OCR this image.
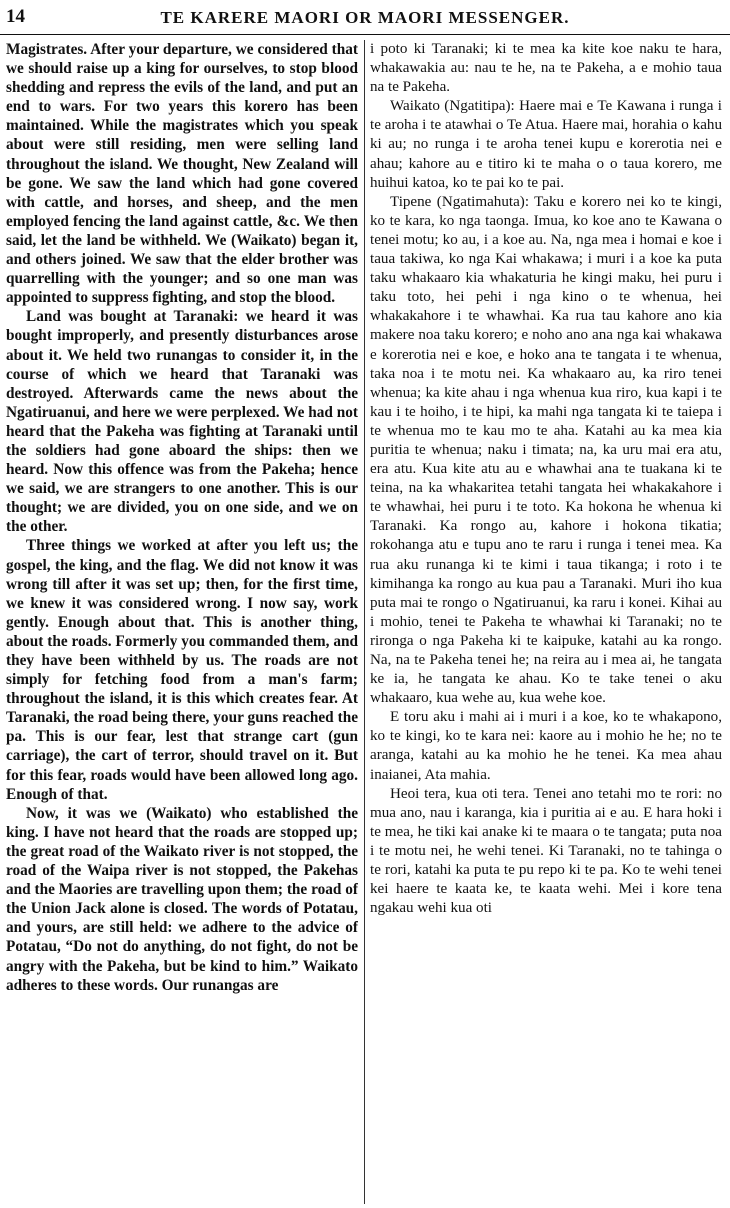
14	TE KARERE MAORI OR MAORI MESSENGER.

Magistrates. After your departure, we considered that we should raise up a king for ourselves, to stop blood shedding and repress the evils of the land, and put an end to wars. For two years this korero has been maintained. While the magistrates which you speak about were still residing, men were selling land throughout the island. We thought, New Zealand will be gone. We saw the land which had gone covered with cattle, and horses, and sheep, and the men employed fencing the land against cattle, &c. We then said, let the land be withheld. We (Waikato) began it, and others joined. We saw that the elder brother was quarrelling with the younger; and so one man was appointed to suppress fighting, and stop the blood.

Land was bought at Taranaki: we heard it was bought improperly, and presently disturbances arose about it. We held two runangas to consider it, in the course of which we heard that Taranaki was destroyed. Afterwards came the news about the Ngatiruanui, and here we were perplexed. We had not heard that the Pakeha was fighting at Taranaki until the soldiers had gone aboard the ships: then we heard. Now this offence was from the Pakeha; hence we said, we are strangers to one another. This is our thought; we are divided, you on one side, and we on the other.

Three things we worked at after you left us; the gospel, the king, and the flag. We did not know it was wrong till after it was set up; then, for the first time, we knew it was considered wrong. I now say, work gently. Enough about that. This is another thing, about the roads. Formerly you commanded them, and they have been withheld by us. The roads are not simply for fetching food from a man's farm; throughout the island, it is this which creates fear. At Taranaki, the road being there, your guns reached the pa. This is our fear, lest that strange cart (gun carriage), the cart of terror, should travel on it. But for this fear, roads would have been allowed long ago. Enough of that.

Now, it was we (Waikato) who established the king. I have not heard that the roads are stopped up; the great road of the Waikato river is not stopped, the road of the Waipa river is not stopped, the Pakehas and the Maories are travelling upon them; the road of the Union Jack alone is closed. The words of Potatau, and yours, are still held: we adhere to the advice of Potatau, “Do not do anything, do not fight, do not be angry with the Pakeha, but be kind to him.” Waikato adheres to these words. Our runangas are

i poto ki Taranaki; ki te mea ka kite koe naku te hara, whakawakia au: nau te he, na te Pakeha, a e mohio taua na te Pakeha.

Waikato (Ngatitipa): Haere mai e Te Kawana i runga i te aroha i te atawhai o Te Atua. Haere mai, horahia o kahu ki au; no runga i te aroha tenei kupu e korerotia nei e ahau; kahore au e titiro ki te maha o o taua korero, me huihui katoa, ko te pai ko te pai.

Tipene (Ngatimahuta): Taku e korero nei ko te kingi, ko te kara, ko nga taonga. Imua, ko koe ano te Kawana o tenei motu; ko au, i a koe au. Na, nga mea i homai e koe i taua takiwa, ko nga Kai whakawa; i muri i a koe ka puta taku whakaaro kia whakaturia he kingi maku, hei puru i taku toto, hei pehi i nga kino o te whenua, hei whakakahore i te whawhai. Ka rua tau kahore ano kia makere noa taku korero; e noho ano ana nga kai whakawa e korerotia nei e koe, e hoko ana te tangata i te whenua, taka noa i te motu nei. Ka whakaaro au, ka riro tenei whenua; ka kite ahau i nga whenua kua riro, kua kapi i te kau i te hoiho, i te hipi, ka mahi nga tangata ki te taiepa i te whenua mo te kau mo te aha. Katahi au ka mea kia puritia te whenua; naku i timata; na, ka uru mai era atu, era atu. Kua kite atu au e whawhai ana te tuakana ki te teina, na ka whakaritea tetahi tangata hei whakakahore i te whawhai, hei puru i te toto. Ka hokona he whenua ki Taranaki. Ka rongo au, kahore i hokona tikatia; rokohanga atu e tupu ano te raru i runga i tenei mea. Ka rua aku runanga ki te kimi i taua tikanga; i roto i te kimihanga ka rongo au kua pau a Taranaki. Muri iho kua puta mai te rongo o Ngatiruanui, ka raru i konei. Kihai au i mohio, tenei te Pakeha te whawhai ki Taranaki; no te rironga o nga Pakeha ki te kaipuke, katahi au ka rongo. Na, na te Pakeha tenei he; na reira au i mea ai, he tangata ke ia, he tangata ke ahau. Ko te take tenei o aku whakaaro, kua wehe au, kua wehe koe.

E toru aku i mahi ai i muri i a koe, ko te whakapono, ko te kingi, ko te kara nei: kaore au i mohio he he; no te aranga, katahi au ka mohio he he tenei. Ka mea ahau inaianei, Ata mahia.

Heoi tera, kua oti tera. Tenei ano tetahi mo te rori: no mua ano, nau i karanga, kia i puritia ai e au. E hara hoki i te mea, he tiki kai anake ki te maara o te tangata; puta noa i te motu nei, he wehi tenei. Ki Taranaki, no te tahinga o te rori, katahi ka puta te pu repo ki te pa. Ko te wehi tenei kei haere te kaata ke, te kaata wehi. Mei i kore tena ngakau wehi kua oti
